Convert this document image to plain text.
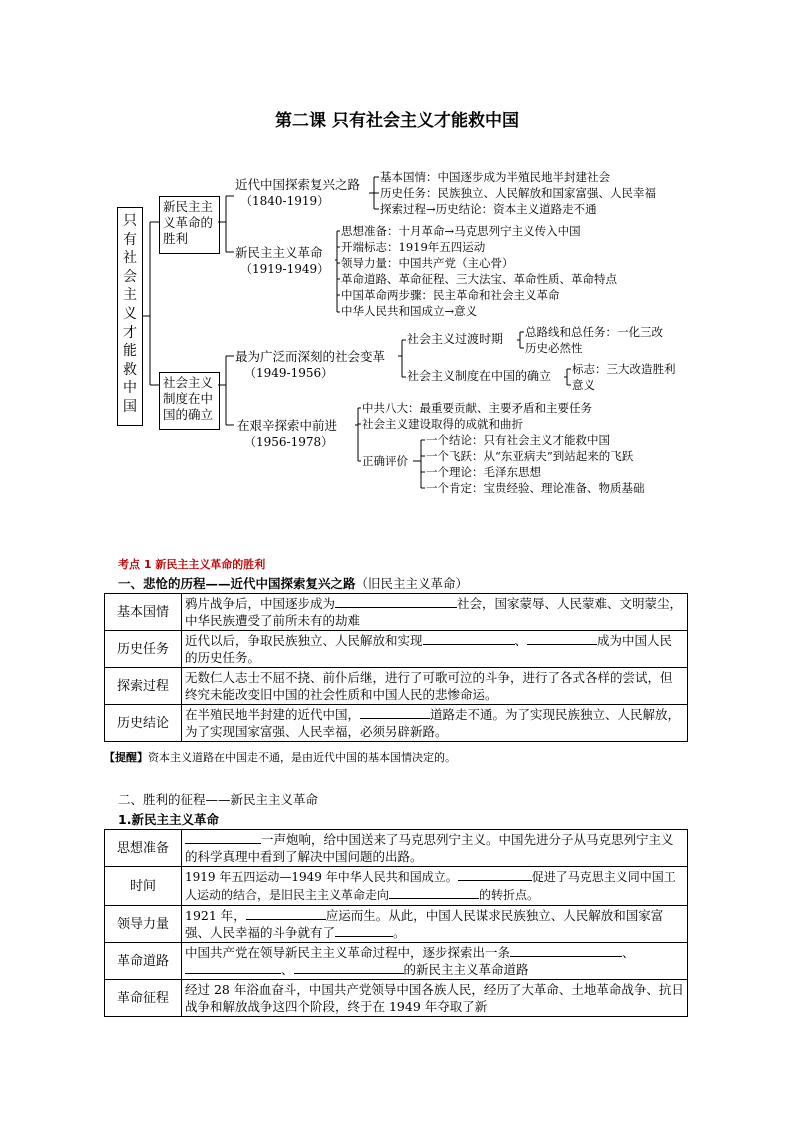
第二课 只有社会主义才能救中国
只有社会主义才能救中国
新民主主义革命的胜利
社会主义制度在中国的确立
近代中国探索复兴之路
（1840-1919）
基本国情：中国逐步成为半殖民地半封建社会
历史任务：民族独立、人民解放和国家富强、人民幸福
探索过程→历史结论：资本主义道路走不通
新民主主义革命
（1919-1949）
思想准备：十月革命→马克思列宁主义传入中国
开端标志：1919年五四运动
领导力量：中国共产党（主心骨）
革命道路、革命征程、三大法宝、革命性质、革命特点
中国革命两步骤：民主革命和社会主义革命
中华人民共和国成立→意义
最为广泛而深刻的社会变革
（1949-1956）
社会主义过渡时期 总路线和总任务：一化三改
历史必然性
社会主义制度在中国的确立 标志：三大改造胜利
意义
在艰辛探索中前进
（1956-1978）
中共八大：最重要贡献、主要矛盾和主要任务
社会主义建设取得的成就和曲折
正确评价
一个结论：只有社会主义才能救中国
一个飞跃：从“东亚病夫”到站起来的飞跃
一个理论：毛泽东思想
一个肯定：宝贵经验、理论准备、物质基础
考点 1 新民主主义革命的胜利
一、悲怆的历程——近代中国探索复兴之路（旧民主主义革命）
基本国情	鸦片战争后，中国逐步成为 社会，国家蒙辱、人民蒙难、文明蒙尘，中华民族遭受了前所未有的劫难
历史任务	近代以后，争取民族独立、人民解放和实现 、 成为中国人民的历史任务。
探索过程	无数仁人志士不屈不挠、前仆后继，进行了可歌可泣的斗争，进行了各式各样的尝试，但终究未能改变旧中国的社会性质和中国人民的悲惨命运。
历史结论	在半殖民地半封建的近代中国， 道路走不通。为了实现民族独立、人民解放，为了实现国家富强、人民幸福，必须另辟新路。
【提醒】资本主义道路在中国走不通，是由近代中国的基本国情决定的。
二、胜利的征程——新民主主义革命
1.新民主主义革命
思想准备	一声炮响，给中国送来了马克思列宁主义。中国先进分子从马克思列宁主义的科学真理中看到了解决中国问题的出路。
时间	1919 年五四运动—1949 年中华人民共和国成立。 促进了马克思主义同中国工人运动的结合，是旧民主主义革命走向 的转折点。
领导力量	1921 年， 应运而生。从此，中国人民谋求民族独立、人民解放和国家富强、人民幸福的斗争就有了 。
革命道路	中国共产党在领导新民主主义革命过程中，逐步探索出一条 、、 的新民主主义革命道路
革命征程	经过 28 年浴血奋斗，中国共产党领导中国各族人民，经历了大革命、土地革命战争、抗日战争和解放战争这四个阶段，终于在 1949 年夺取了新
